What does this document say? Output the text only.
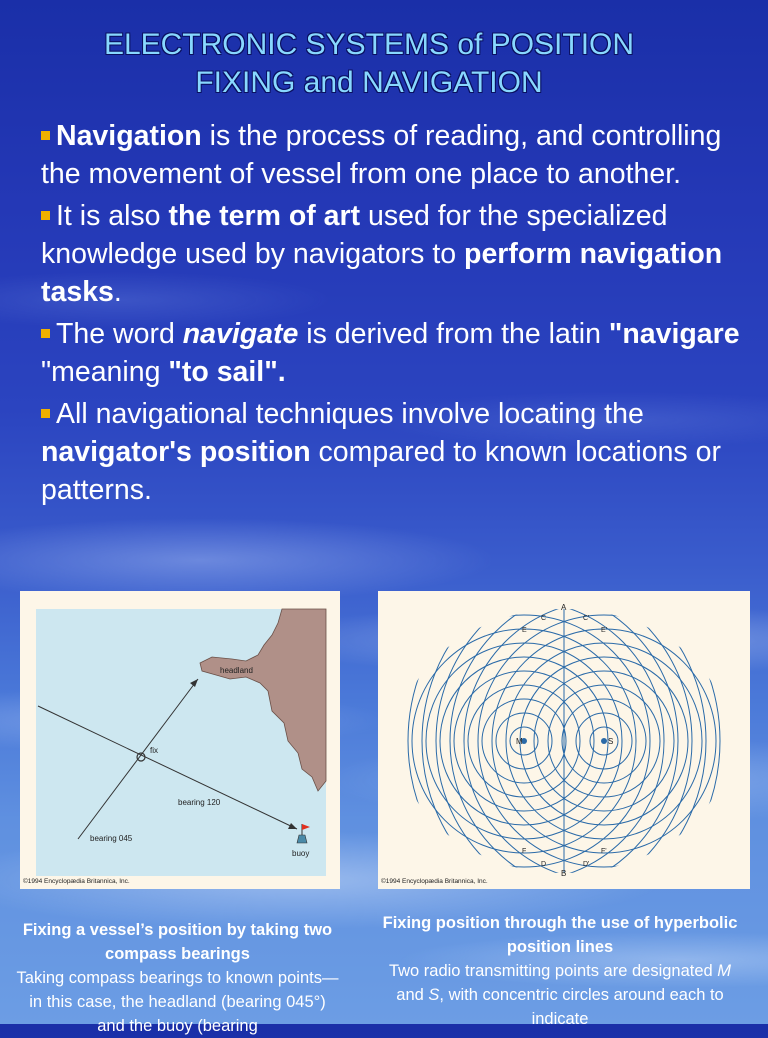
ELECTRONIC SYSTEMS of POSITION
FIXING and NAVIGATION

Navigation is the process of reading, and controlling the movement of vessel from one place to another.

It is also the term of art used for the specialized knowledge used by navigators to perform navigation tasks.

The word navigate is derived from the latin "navigare "meaning "to sail".

All navigational techniques involve locating the navigator's position compared to known locations or patterns.

fix
headland
bearing 120
bearing 045
buoy
©1994 Encyclopædia Britannica, Inc.
M	S
A
B
C	C'
E	E'
F	F'
D	D'
©1994 Encyclopædia Britannica, Inc.
Fixing a vessel’s position by taking two compass bearings
Taking compass bearings to known points—in this case, the headland (bearing 045°) and the buoy (bearing
Fixing position through the use of hyperbolic position lines
Two radio transmitting points are designated M and S, with concentric circles around each to indicate
